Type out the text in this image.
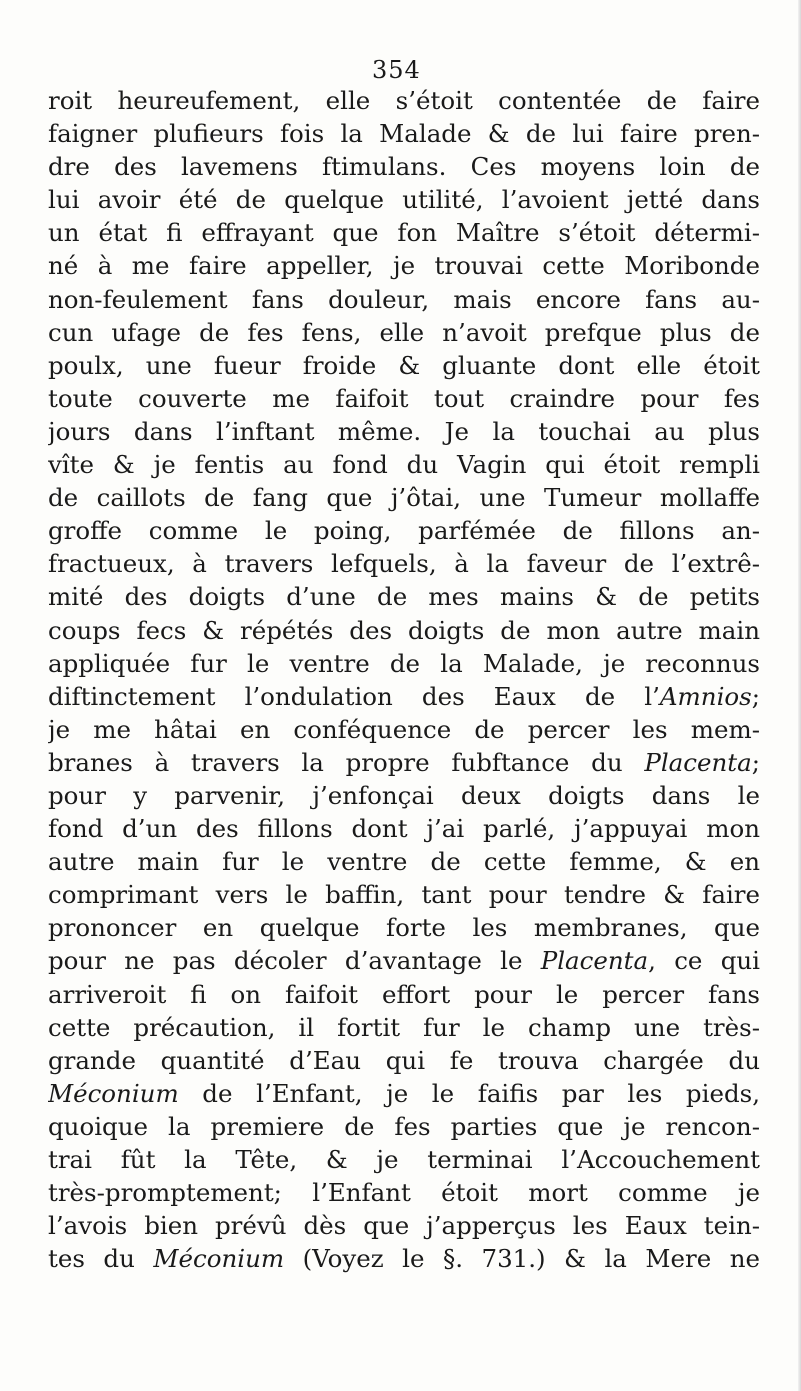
354
roit heureufement, elle s’étoit contentée de faire
faigner plufieurs fois la Malade & de lui faire pren-
dre des lavemens ftimulans. Ces moyens loin de
lui avoir été de quelque utilité, l’avoient jetté dans
un état fi effrayant que fon Maître s’étoit détermi-
né à me faire appeller, je trouvai cette Moribonde
non-feulement fans douleur, mais encore fans au-
cun ufage de fes fens, elle n’avoit prefque plus de
poulx, une fueur froide & gluante dont elle étoit
toute couverte me faifoit tout craindre pour fes
jours dans l’inftant même. Je la touchai au plus
vîte & je fentis au fond du Vagin qui étoit rempli
de caillots de fang que j’ôtai, une Tumeur mollaffe
groffe comme le poing, parfémée de fillons an-
fractueux, à travers lefquels, à la faveur de l’extrê-
mité des doigts d’une de mes mains & de petits
coups fecs & répétés des doigts de mon autre main
appliquée fur le ventre de la Malade, je reconnus
diftinctement l’ondulation des Eaux de l’Amnios;
je me hâtai en conféquence de percer les mem-
branes à travers la propre fubftance du Placenta;
pour y parvenir, j’enfonçai deux doigts dans le
fond d’un des fillons dont j’ai parlé, j’appuyai mon
autre main fur le ventre de cette femme, & en
comprimant vers le baffin, tant pour tendre & faire
prononcer en quelque forte les membranes, que
pour ne pas décoler d’avantage le Placenta, ce qui
arriveroit fi on faifoit effort pour le percer fans
cette précaution, il fortit fur le champ une très-
grande quantité d’Eau qui fe trouva chargée du
Méconium de l’Enfant, je le faifis par les pieds,
quoique la premiere de fes parties que je rencon-
trai fût la Tête, & je terminai l’Accouchement
très-promptement; l’Enfant étoit mort comme je
l’avois bien prévû dès que j’apperçus les Eaux tein-
tes du Méconium (Voyez le §. 731.) & la Mere ne
